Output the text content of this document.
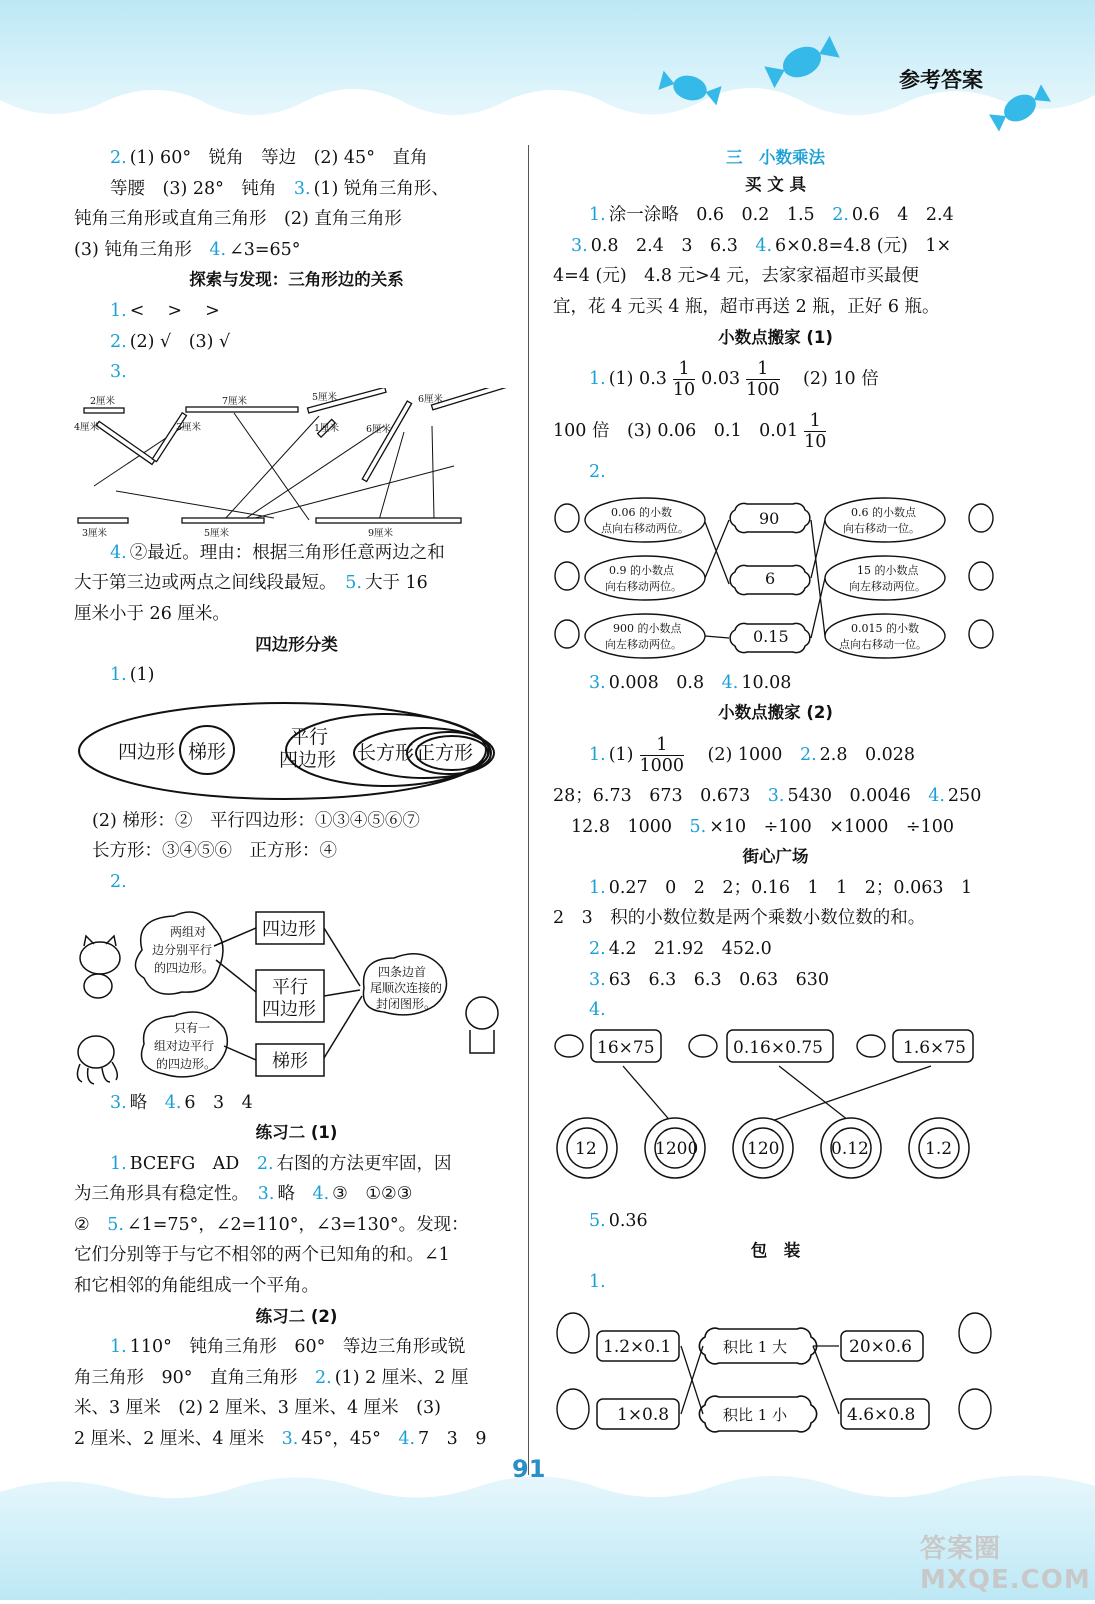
参考答案

2. (1) 60°　锐角　等边　(2) 45°　直角

等腰　(3) 28°　钝角　 3. (1) 锐角三角形、

钝角三角形或直角三角形　(2) 直角三角形

(3) 钝角三角形　 4. ∠3=65°

探索与发现：三角形边的关系

1. < 　>　 >

2. (2) √　(3) √

3.

2厘米	7厘米	5厘米	6厘米
4厘米	3厘米	1厘米	6厘米
3厘米	5厘米	9厘米

4. ②最近。理由：根据三角形任意两边之和

大于第三边或两点之间线段最短。　 5. 大于 16

厘米小于 26 厘米。

四边形分类

1. (1)

四边形 梯形
平行
四边形 长方形 正方形

(2) 梯形：②　平行四边形：①③④⑤⑥⑦

长方形：③④⑤⑥　正方形：④

2.

两组对
边分别平行
的四边形。
只有一
组对边平行
的四边形。
四条边首
尾顺次连接的
封闭图形。
四边形
平行
四边形
梯形

3. 略　 4. 6　3　4

练习二 (1)

1. BCEFG　AD　 2. 右图的方法更牢固，因

为三角形具有稳定性。　 3. 略　 4. ③　①②③

②　 5. ∠1=75°，∠2=110°，∠3=130°。发现：

它们分别等于与它不相邻的两个已知角的和。∠1

和它相邻的角能组成一个平角。

练习二 (2)

1. 110°　钝角三角形　60°　等边三角形或锐

角三角形　90°　直角三角形　 2. (1) 2 厘米、2 厘

米、3 厘米　(2) 2 厘米、3 厘米、4 厘米　(3)

2 厘米、2 厘米、4 厘米　 3. 45°，45°　 4. 7　3　9

三　小数乘法

买 文 具

1. 涂一涂略　0.6　0.2　1.5　 2. 0.6　4　2.4

3. 0.8　2.4　3　6.3　 4. 6×0.8=4.8 (元)　1×

4=4 (元)　4.8 元>4 元，去家家福超市买最便

宜，花 4 元买 4 瓶，超市再送 2 瓶，正好 6 瓶。

小数点搬家 (1)

1. (1) $0.3 \frac{1}{10} 0.03 \frac{1}{100}$
　 (2) 10 倍

100 倍　(3) 0.06　0.1　$0.01 \frac{1}{10}$

2.

0.06 的小数
点向右移动两位。
0.9 的小数点
向右移动两位。
900 的小数点
向左移动两位。
0.6 的小数点
向右移动一位。
15 的小数点
向左移动两位。
0.015 的小数
点向右移动一位。
90
6
0.15

3. 0.008　0.8　 4. 10.08

小数点搬家 (2)

1. $(1) \frac{1}{1000}$
　 (2) 1000　 2. 2.8　0.028

28；6.73　673　0.673　 3. 5430　0.0046　 4. 250

12.8　1000　 5. ×10　÷100　×1000　÷100

街心广场

1. 0.27　0　2　2；0.16　1　1　2；0.063　1

2　3　积的小数位数是两个乘数小数位数的和。

2. 4.2　21.92　452.0

3. 63　6.3　6.3　0.63　630

4.

16×75	0.16×0.75	1.6×75
12	1200	120	0.12	1.2

5. 0.36

包　装

1.

1.2×0.1
1×0.8
20×0.6
4.6×0.8
积比 1 大
积比 1 小
91
答案圈 MXQE.COM
